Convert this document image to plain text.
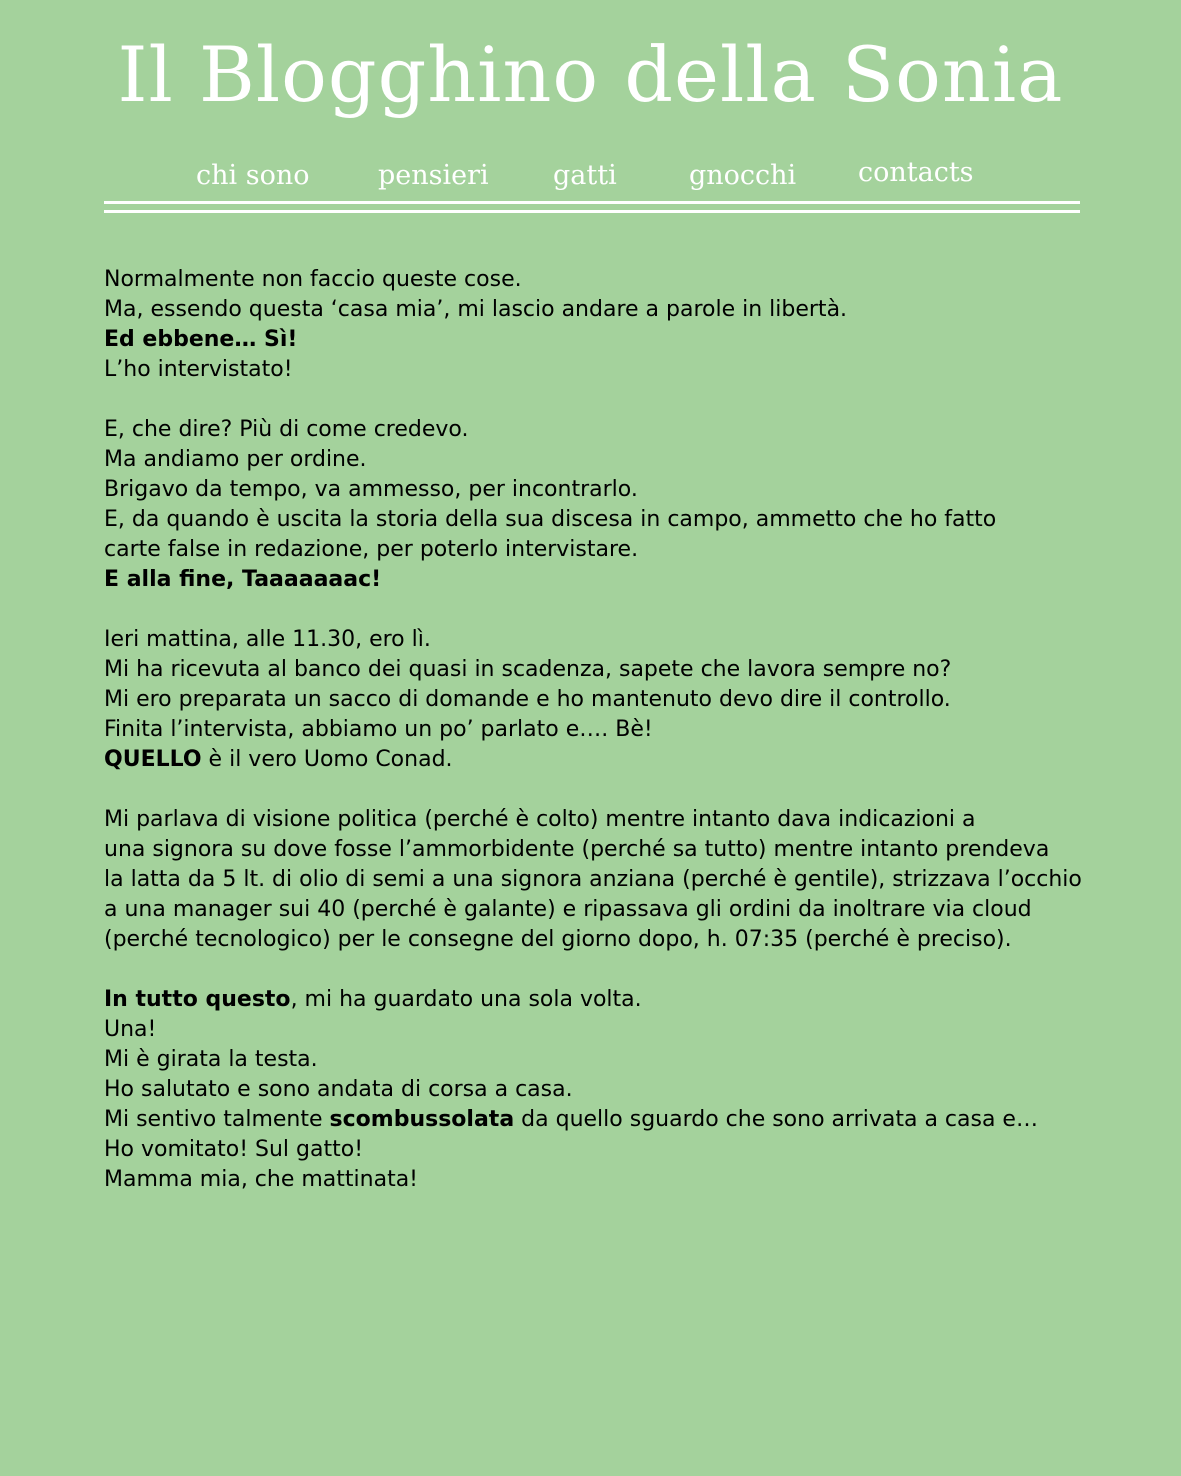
Il Blogghino della Sonia
chi sono	pensieri gatti	gnocchi contacts
Normalmente non faccio queste cose.
Ma, essendo questa ‘casa mia’, mi lascio andare a parole in libertà.
Ed ebbene… Sì!
L’ho intervistato!
E, che dire? Più di come credevo.
Ma andiamo per ordine.
Brigavo da tempo, va ammesso, per incontrarlo.
E, da quando è uscita la storia della sua discesa in campo, ammetto che ho fatto
carte false in redazione, per poterlo intervistare.
E alla fine, Taaaaaaac!
Ieri mattina, alle 11.30, ero lì.
Mi ha ricevuta al banco dei quasi in scadenza, sapete che lavora sempre no?
Mi ero preparata un sacco di domande e ho mantenuto devo dire il controllo.
Finita l’intervista, abbiamo un po’ parlato e…. Bè!
QUELLO è il vero Uomo Conad.
Mi parlava di visione politica (perché è colto) mentre intanto dava indicazioni a
una signora su dove fosse l’ammorbidente (perché sa tutto) mentre intanto prendeva
la latta da 5 lt. di olio di semi a una signora anziana (perché è gentile), strizzava l’occhio
a una manager sui 40 (perché è galante) e ripassava gli ordini da inoltrare via cloud
(perché tecnologico) per le consegne del giorno dopo, h. 07:35 (perché è preciso).
In tutto questo, mi ha guardato una sola volta.
Una!
Mi è girata la testa.
Ho salutato e sono andata di corsa a casa.
Mi sentivo talmente scombussolata da quello sguardo che sono arrivata a casa e…
Ho vomitato! Sul gatto!
Mamma mia, che mattinata!
